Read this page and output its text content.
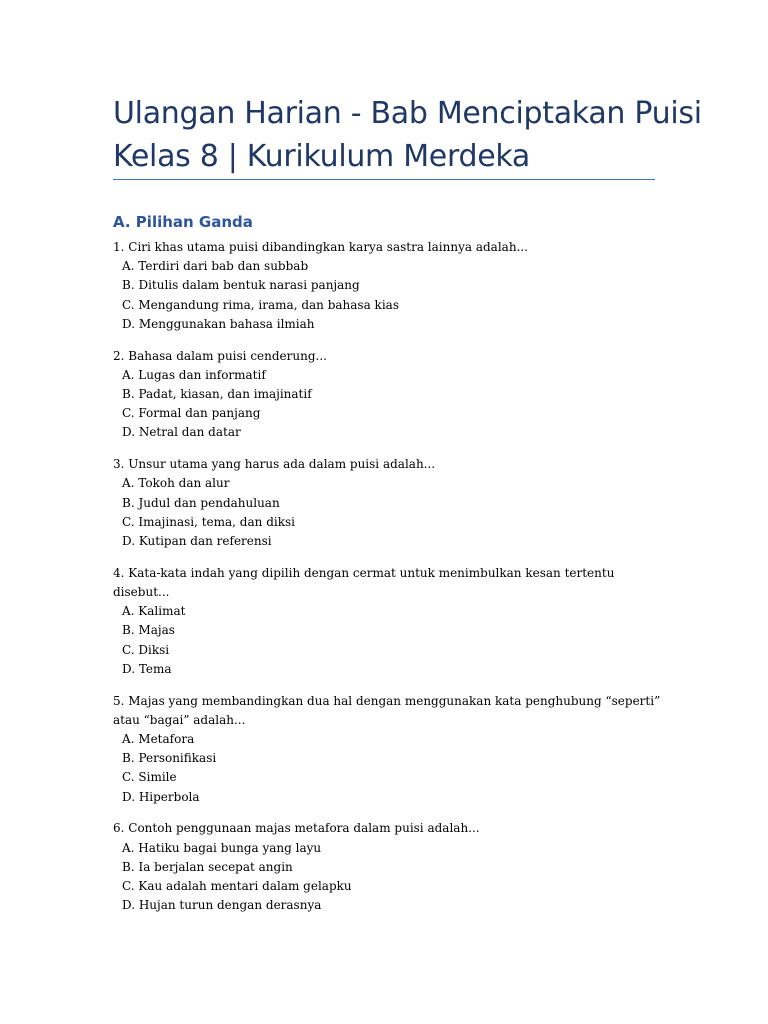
Ulangan Harian - Bab Menciptakan Puisi
Kelas 8 | Kurikulum Merdeka
A. Pilihan Ganda
1. Ciri khas utama puisi dibandingkan karya sastra lainnya adalah...
A. Terdiri dari bab dan subbab
B. Ditulis dalam bentuk narasi panjang
C. Mengandung rima, irama, dan bahasa kias
D. Menggunakan bahasa ilmiah
2. Bahasa dalam puisi cenderung...
A. Lugas dan informatif
B. Padat, kiasan, dan imajinatif
C. Formal dan panjang
D. Netral dan datar
3. Unsur utama yang harus ada dalam puisi adalah...
A. Tokoh dan alur
B. Judul dan pendahuluan
C. Imajinasi, tema, dan diksi
D. Kutipan dan referensi
4. Kata-kata indah yang dipilih dengan cermat untuk menimbulkan kesan tertentu disebut...
A. Kalimat
B. Majas
C. Diksi
D. Tema
5. Majas yang membandingkan dua hal dengan menggunakan kata penghubung “seperti” atau “bagai” adalah...
A. Metafora
B. Personifikasi
C. Simile
D. Hiperbola
6. Contoh penggunaan majas metafora dalam puisi adalah...
A. Hatiku bagai bunga yang layu
B. Ia berjalan secepat angin
C. Kau adalah mentari dalam gelapku
D. Hujan turun dengan derasnya
